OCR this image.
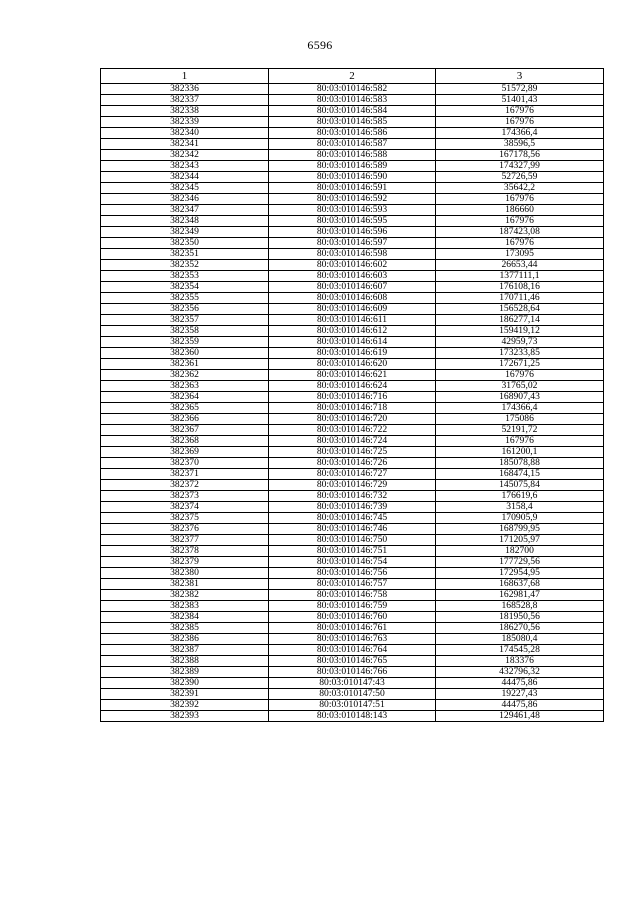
6596
1	2	3
382336	80:03:010146:582	51572,89
382337	80:03:010146:583	51401,43
382338	80:03:010146:584	167976
382339	80:03:010146:585	167976
382340	80:03:010146:586	174366,4
382341	80:03:010146:587	38596,5
382342	80:03:010146:588	167178,56
382343	80:03:010146:589	174327,99
382344	80:03:010146:590	52726,59
382345	80:03:010146:591	35642,2
382346	80:03:010146:592	167976
382347	80:03:010146:593	186660
382348	80:03:010146:595	167976
382349	80:03:010146:596	187423,08
382350	80:03:010146:597	167976
382351	80:03:010146:598	173095
382352	80:03:010146:602	26653,44
382353	80:03:010146:603	1377111,1
382354	80:03:010146:607	176108,16
382355	80:03:010146:608	170711,46
382356	80:03:010146:609	156528,64
382357	80:03:010146:611	186277,14
382358	80:03:010146:612	159419,12
382359	80:03:010146:614	42959,73
382360	80:03:010146:619	173233,85
382361	80:03:010146:620	172671,25
382362	80:03:010146:621	167976
382363	80:03:010146:624	31765,02
382364	80:03:010146:716	168907,43
382365	80:03:010146:718	174366,4
382366	80:03:010146:720	175086
382367	80:03:010146:722	52191,72
382368	80:03:010146:724	167976
382369	80:03:010146:725	161200,1
382370	80:03:010146:726	185078,88
382371	80:03:010146:727	168474,15
382372	80:03:010146:729	145075,84
382373	80:03:010146:732	176619,6
382374	80:03:010146:739	3158,4
382375	80:03:010146:745	170905,9
382376	80:03:010146:746	168799,95
382377	80:03:010146:750	171205,97
382378	80:03:010146:751	182700
382379	80:03:010146:754	177729,56
382380	80:03:010146:756	172954,95
382381	80:03:010146:757	168637,68
382382	80:03:010146:758	162981,47
382383	80:03:010146:759	168528,8
382384	80:03:010146:760	181950,56
382385	80:03:010146:761	186270,56
382386	80:03:010146:763	185080,4
382387	80:03:010146:764	174545,28
382388	80:03:010146:765	183376
382389	80:03:010146:766	432796,32
382390	80:03:010147:43	44475,86
382391	80:03:010147:50	19227,43
382392	80:03:010147:51	44475,86
382393	80:03:010148:143	129461,48
